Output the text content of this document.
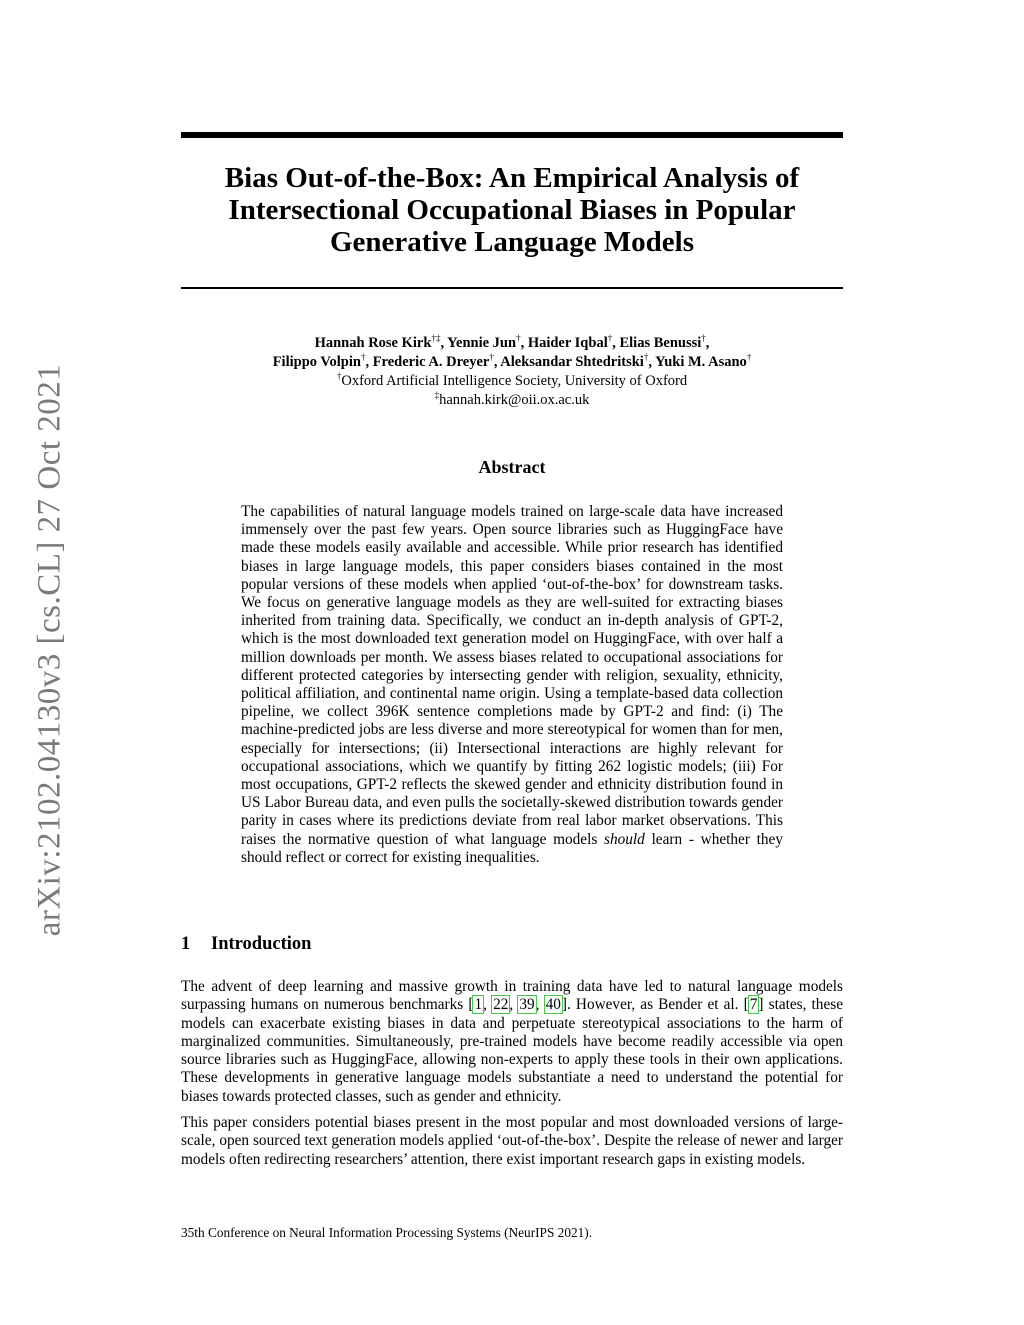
arXiv:2102.04130v3 [cs.CL] 27 Oct 2021
Bias Out-of-the-Box: An Empirical Analysis of
Intersectional Occupational Biases in Popular
Generative Language Models
Hannah Rose Kirk†‡, Yennie Jun†, Haider Iqbal†, Elias Benussi†,
Filippo Volpin†, Frederic A. Dreyer†, Aleksandar Shtedritski†, Yuki M. Asano†
†Oxford Artificial Intelligence Society, University of Oxford
‡hannah.kirk@oii.ox.ac.uk
Abstract
The capabilities of natural language models trained on large-scale data have increased immensely over the past few years. Open source libraries such as HuggingFace have made these models easily available and accessible. While prior research has identified biases in large language models, this paper considers biases contained in the most popular versions of these models when applied ‘out-of-the-box’ for downstream tasks. We focus on generative language models as they are well-suited for extracting biases inherited from training data. Specifically, we conduct an in-depth analysis of GPT-2, which is the most downloaded text generation model on HuggingFace, with over half a million downloads per month. We assess biases related to occupational associations for different protected categories by intersecting gender with religion, sexuality, ethnicity, political affiliation, and continental name origin. Using a template-based data collection pipeline, we collect 396K sentence completions made by GPT-2 and find: (i) The machine-predicted jobs are less diverse and more stereotypical for women than for men, especially for intersections; (ii) Intersectional interactions are highly relevant for occupational associations, which we quantify by fitting 262 logistic models; (iii) For most occupations, GPT-2 reflects the skewed gender and ethnicity distribution found in US Labor Bureau data, and even pulls the societally-skewed distribution towards gender parity in cases where its predictions deviate from real labor market observations. This raises the normative question of what language models should learn - whether they should reflect or correct for existing inequalities.
1 Introduction

The advent of deep learning and massive growth in training data have led to natural language models surpassing humans on numerous benchmarks [1, 22, 39, 40]. However, as Bender et al. [7] states, these models can exacerbate existing biases in data and perpetuate stereotypical associations to the harm of marginalized communities. Simultaneously, pre-trained models have become readily accessible via open source libraries such as HuggingFace, allowing non-experts to apply these tools in their own applications. These developments in generative language models substantiate a need to understand the potential for biases towards protected classes, such as gender and ethnicity.

This paper considers potential biases present in the most popular and most downloaded versions of large-scale, open sourced text generation models applied ‘out-of-the-box’. Despite the release of newer and larger models often redirecting researchers’ attention, there exist important research gaps in existing models.

35th Conference on Neural Information Processing Systems (NeurIPS 2021).
